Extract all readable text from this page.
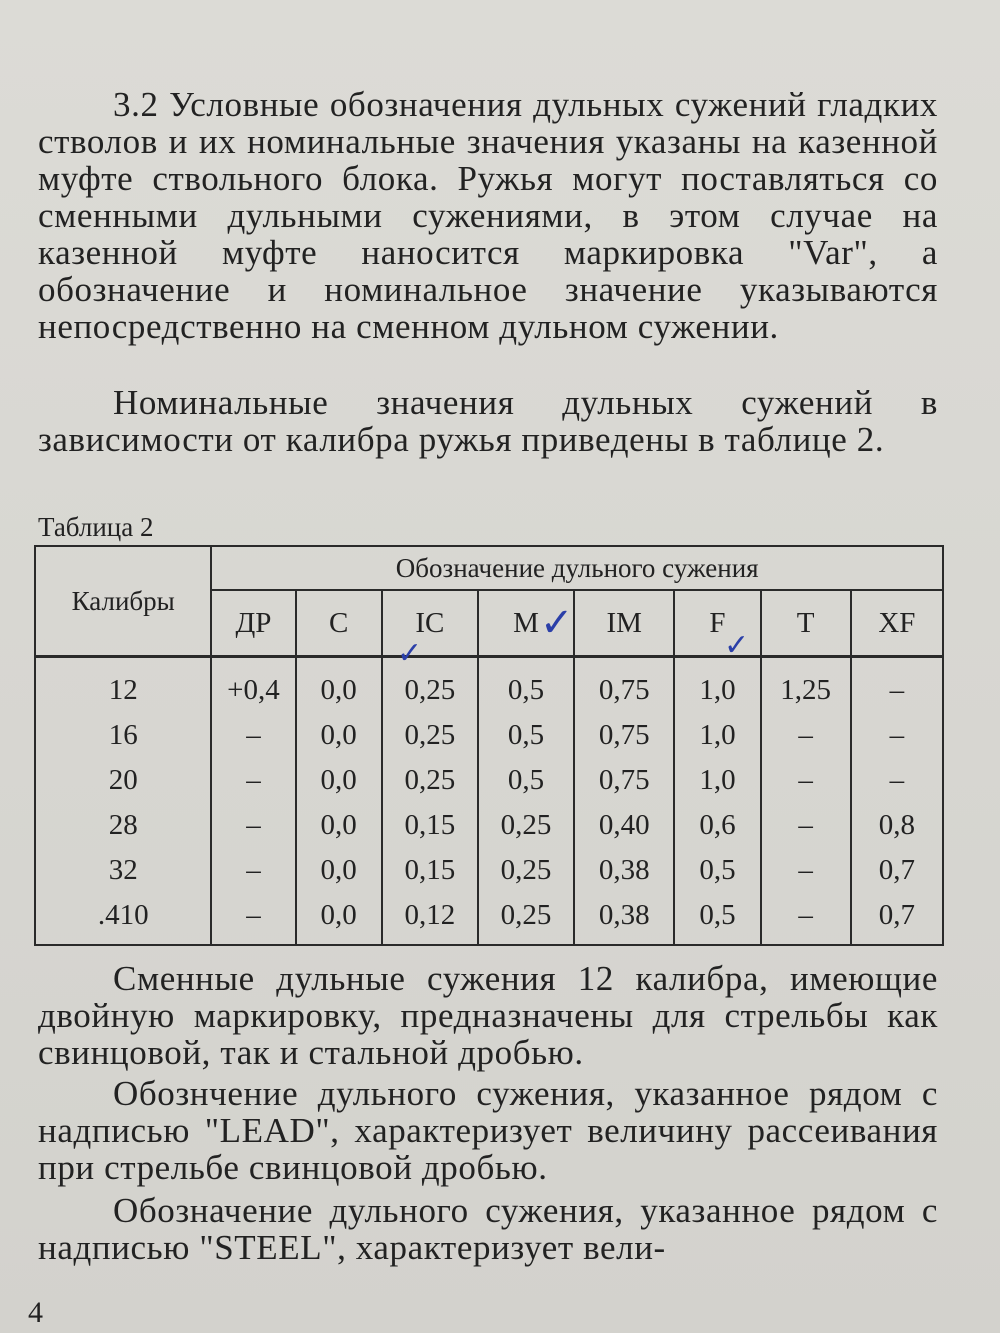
3.2 Условные обозначения дульных сужений гладких стволов и их номинальные значения указаны на казенной муфте ствольного блока. Ружья могут поставляться со сменными дульными сужениями, в этом случае на казенной муфте наносится маркировка "Var", а обозначение и номинальное значение указываются непосредственно на сменном дульном сужении.

Номинальные значения дульных сужений в зависимости от калибра ружья приведены в таблице 2.

Таблица 2

Калибры	Обозначение дульного сужения							
	ДР	С	IC	M	IM	F	T	XF
12	+0,4	0,0	0,25	0,5	0,75	1,0	1,25	–
16	–	0,0	0,25	0,5	0,75	1,0	–	–
20	–	0,0	0,25	0,5	0,75	1,0	–	–
28	–	0,0	0,15	0,25	0,40	0,6	–	0,8
32	–	0,0	0,15	0,25	0,38	0,5	–	0,7
.410	–	0,0	0,12	0,25	0,38	0,5	–	0,7
✓
✓	✓

Сменные дульные сужения 12 калибра, имеющие двойную маркировку, предназначены для стрельбы как свинцовой, так и стальной дробью.

Обознчение дульного сужения, указанное рядом с надписью "LEAD", характеризует величину рассеивания при стрельбе свинцовой дробью.

Обозначение дульного сужения, указанное рядом с надписью "STEEL", характеризует вели-

4
